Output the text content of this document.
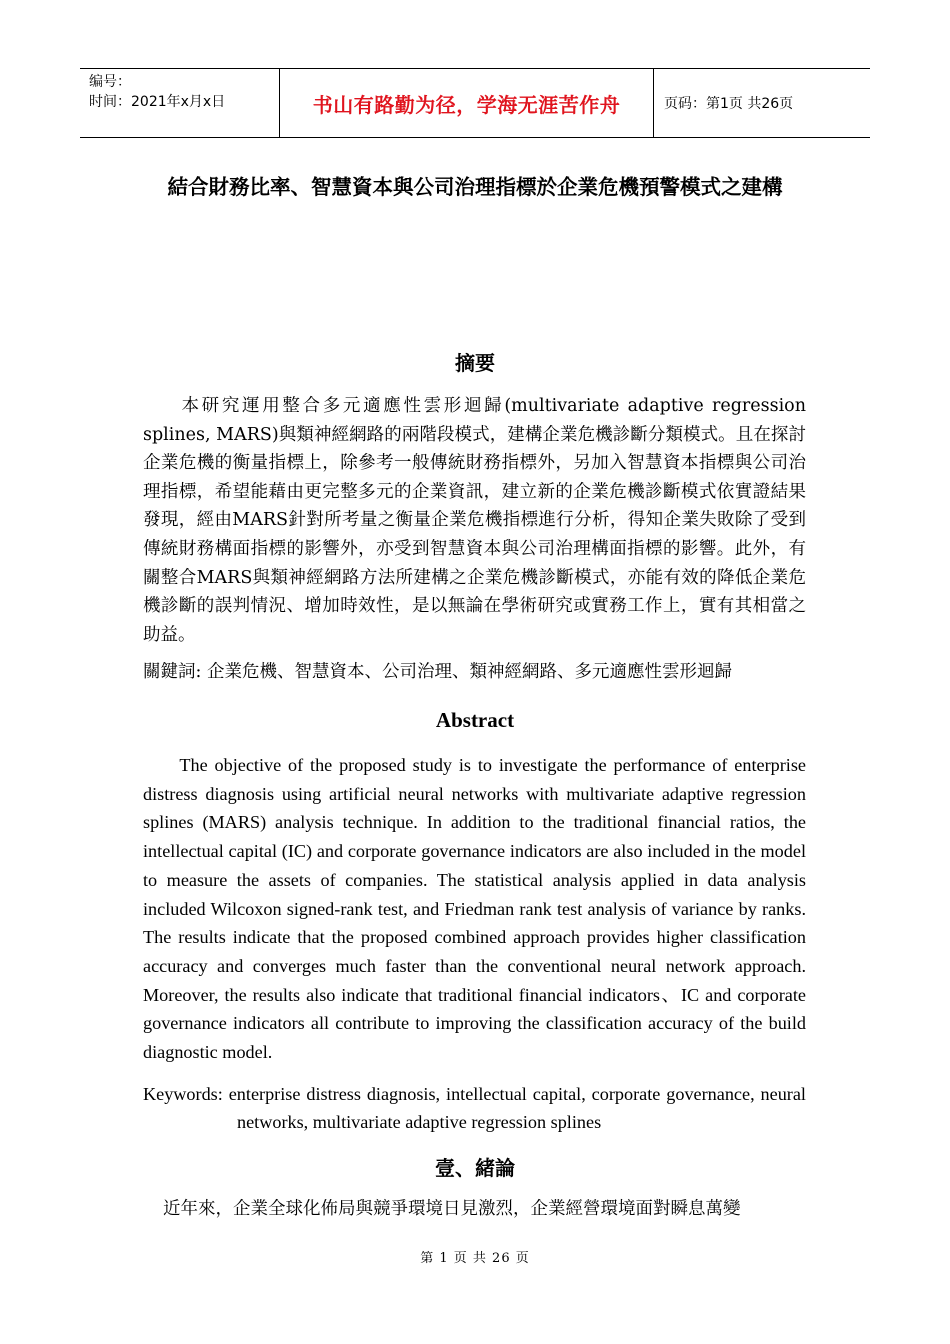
编号：
时间：2021年x月x日	书山有路勤为径，学海无涯苦作舟	页码：第1页 共26页
結合財務比率、智慧資本與公司治理指標於企業危機預警模式之建構
摘要
本研究運用整合多元適應性雲形迴歸(multivariate adaptive regression splines, MARS)與類神經網路的兩階段模式，建構企業危機診斷分類模式。且在探討企業危機的衡量指標上，除參考一般傳統財務指標外，另加入智慧資本指標與公司治理指標，希望能藉由更完整多元的企業資訊，建立新的企業危機診斷模式依實證結果發現，經由MARS針對所考量之衡量企業危機指標進行分析，得知企業失敗除了受到傳統財務構面指標的影響外，亦受到智慧資本與公司治理構面指標的影響。此外，有關整合MARS與類神經網路方法所建構之企業危機診斷模式，亦能有效的降低企業危機診斷的誤判情況、增加時效性，是以無論在學術研究或實務工作上，實有其相當之助益。
關鍵詞: 企業危機、智慧資本、公司治理、類神經網路、多元適應性雲形迴歸
Abstract
The objective of the proposed study is to investigate the performance of enterprise distress diagnosis using artificial neural networks with multivariate adaptive regression splines (MARS) analysis technique. In addition to the traditional financial ratios, the intellectual capital (IC) and corporate governance indicators are also included in the model to measure the assets of companies. The statistical analysis applied in data analysis included Wilcoxon signed-rank test, and Friedman rank test analysis of variance by ranks. The results indicate that the proposed combined approach provides higher classification accuracy and converges much faster than the conventional neural network approach. Moreover, the results also indicate that traditional financial indicators、IC and corporate governance indicators all contribute to improving the classification accuracy of the build diagnostic model.
Keywords: enterprise distress diagnosis, intellectual capital, corporate governance, neural networks, multivariate adaptive regression splines
壹、緒論
近年來，企業全球化佈局與競爭環境日見激烈，企業經營環境面對瞬息萬變
第 1 页 共 26 页
